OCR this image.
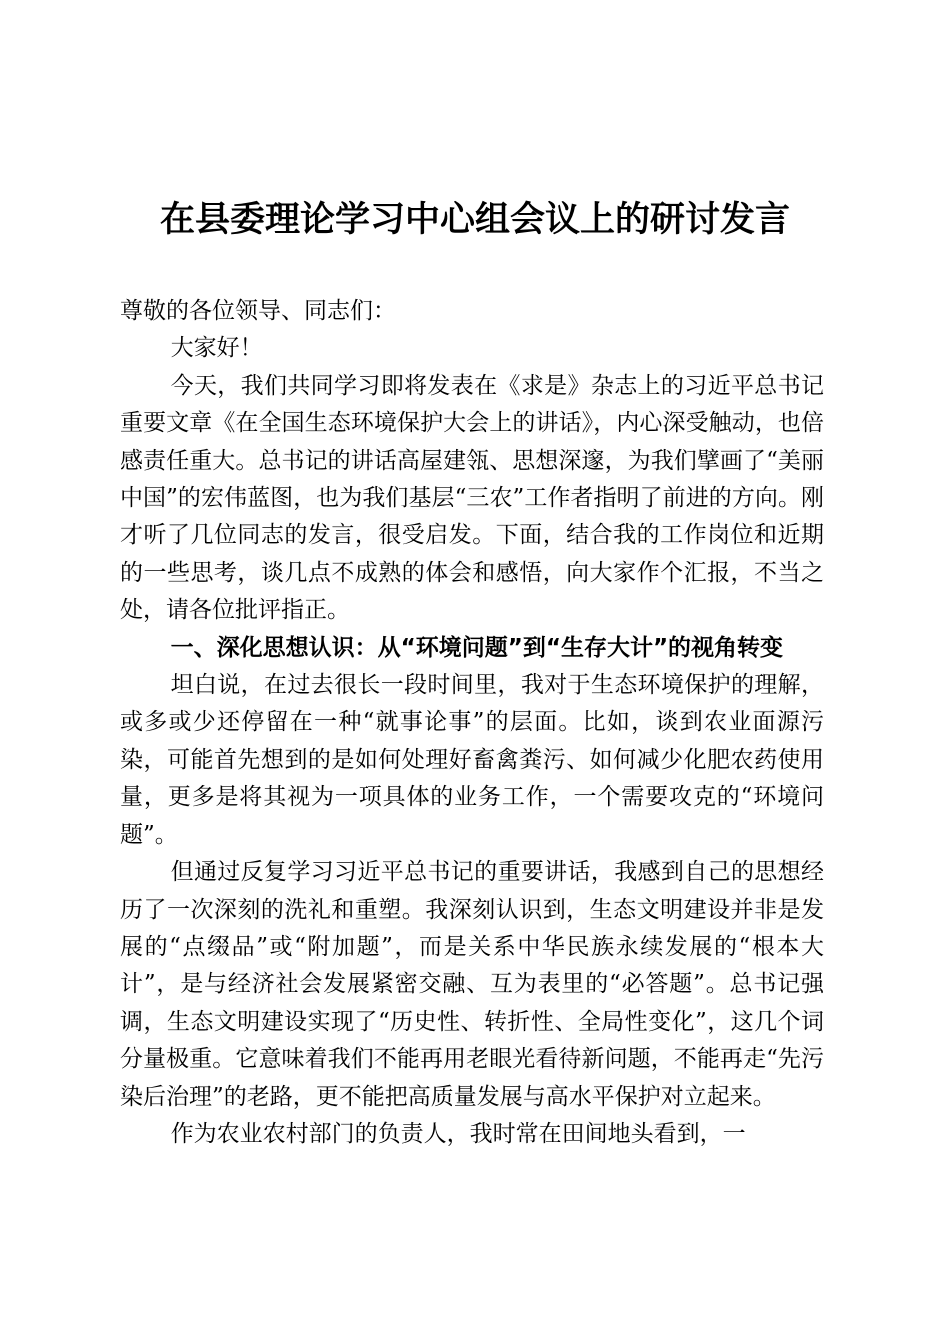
在县委理论学习中心组会议上的研讨发言

尊敬的各位领导、同志们：

大家好！

今天，我们共同学习即将发表在《求是》杂志上的习近平总书记重要文章《在全国生态环境保护大会上的讲话》，内心深受触动，也倍感责任重大。总书记的讲话高屋建瓴、思想深邃，为我们擘画了“美丽中国”的宏伟蓝图，也为我们基层“三农”工作者指明了前进的方向。刚才听了几位同志的发言，很受启发。下面，结合我的工作岗位和近期的一些思考，谈几点不成熟的体会和感悟，向大家作个汇报，不当之处，请各位批评指正。

一、深化思想认识：从“环境问题”到“生存大计”的视角转变

坦白说，在过去很长一段时间里，我对于生态环境保护的理解，或多或少还停留在一种“就事论事”的层面。比如，谈到农业面源污染，可能首先想到的是如何处理好畜禽粪污、如何减少化肥农药使用量，更多是将其视为一项具体的业务工作，一个需要攻克的“环境问题”。

但通过反复学习习近平总书记的重要讲话，我感到自己的思想经历了一次深刻的洗礼和重塑。我深刻认识到，生态文明建设并非是发展的“点缀品”或“附加题”，而是关系中华民族永续发展的“根本大计”，是与经济社会发展紧密交融、互为表里的“必答题”。总书记强调，生态文明建设实现了“历史性、转折性、全局性变化”，这几个词分量极重。它意味着我们不能再用老眼光看待新问题，不能再走“先污染后治理”的老路，更不能把高质量发展与高水平保护对立起来。

作为农业农村部门的负责人，我时常在田间地头看到，一
